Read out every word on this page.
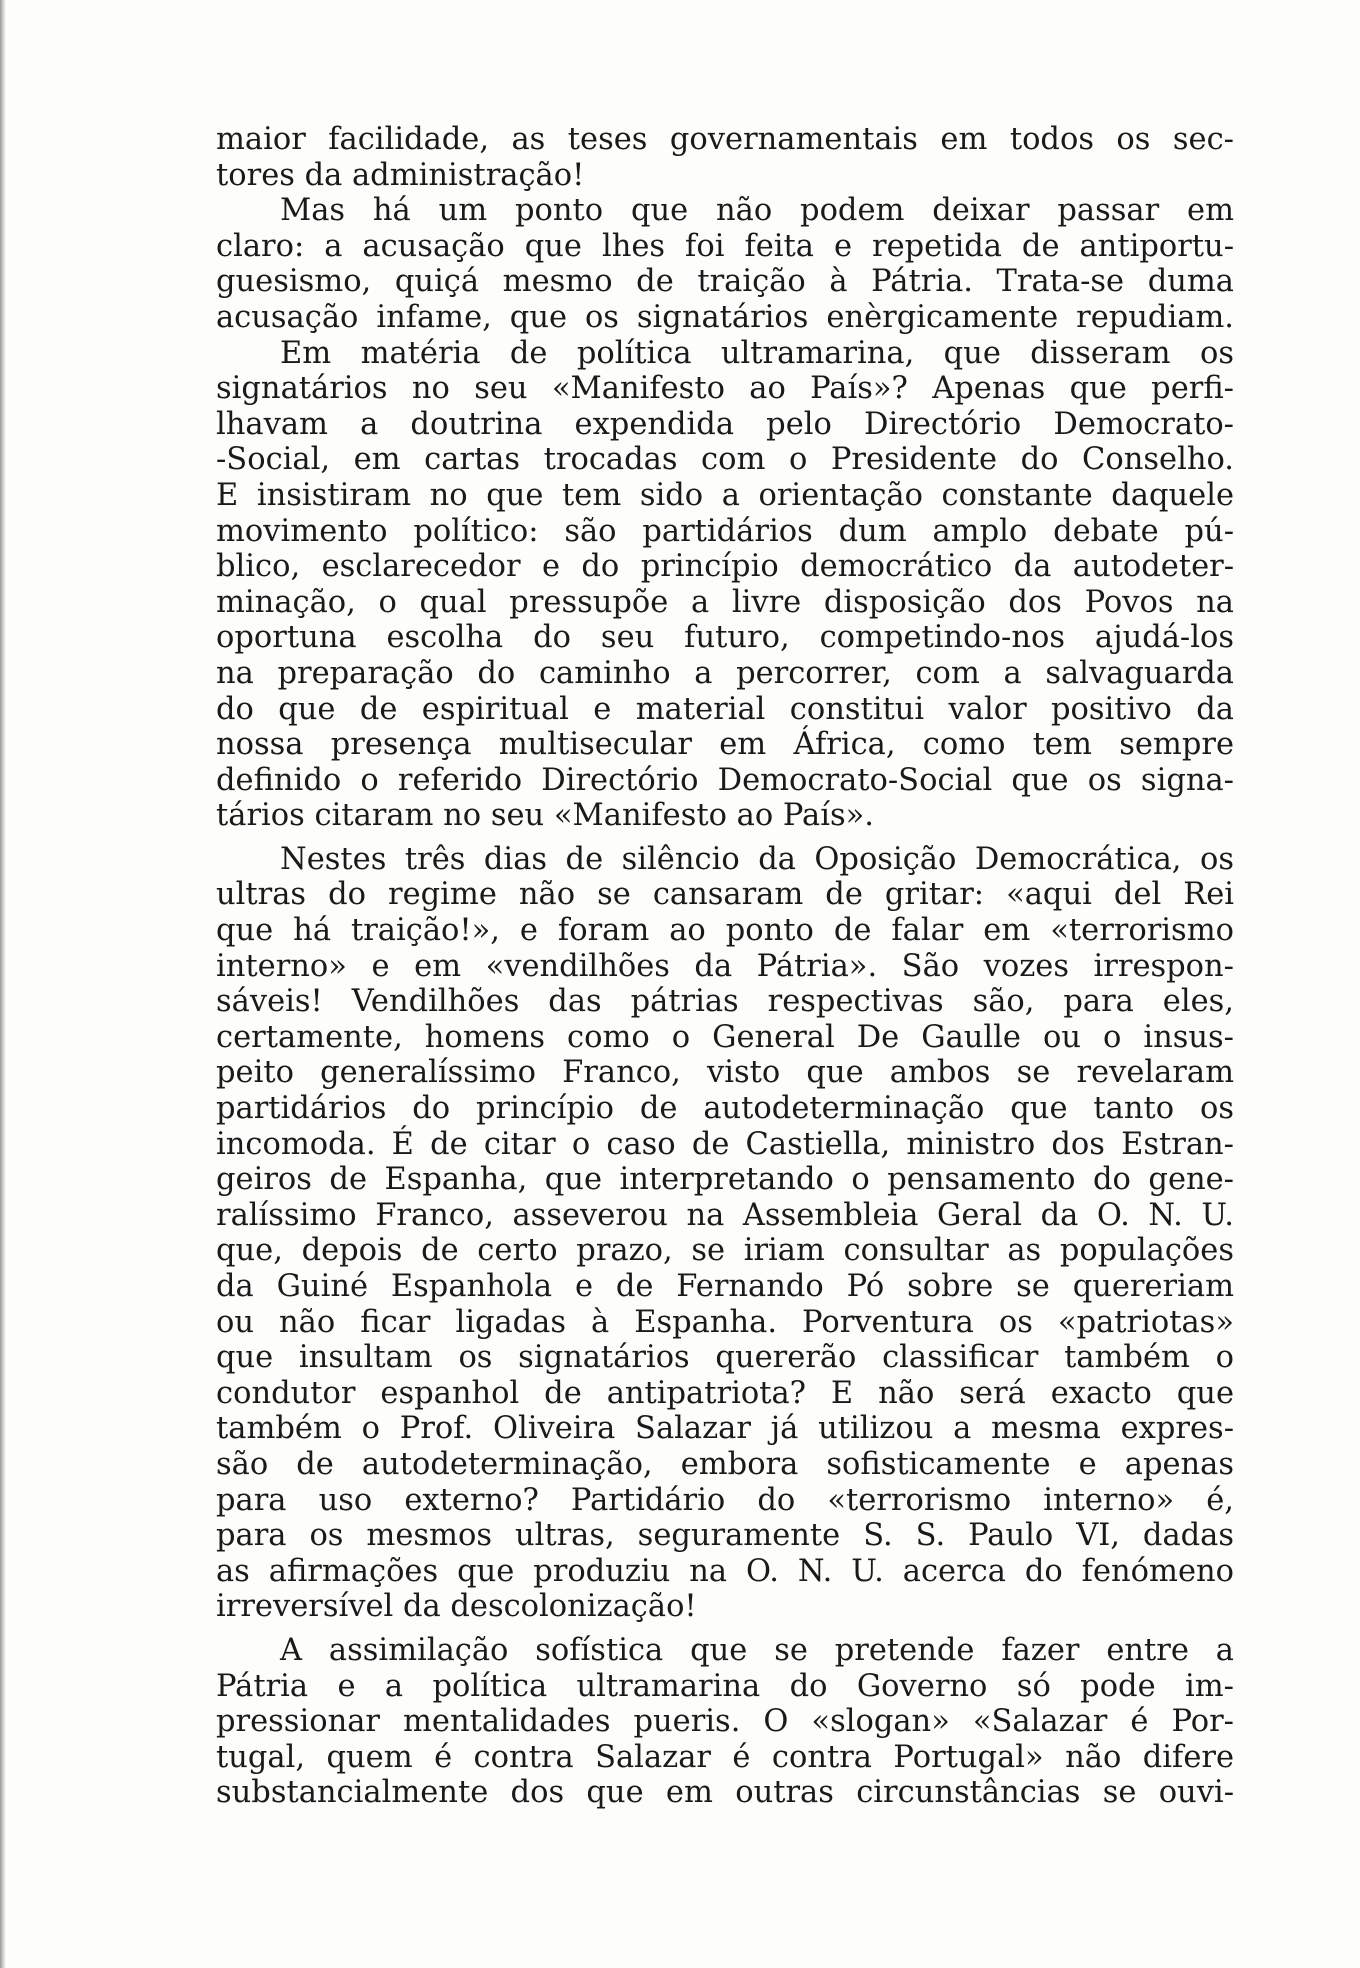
maior facilidade, as teses governamentais em todos os sec-
tores da administração!
Mas há um ponto que não podem deixar passar em
claro: a acusação que lhes foi feita e repetida de antiportu-
guesismo, quiçá mesmo de traição à Pátria. Trata-se duma
acusação infame, que os signatários enèrgicamente repudiam.
Em matéria de política ultramarina, que disseram os
signatários no seu «Manifesto ao País»? Apenas que perfi-
lhavam a doutrina expendida pelo Directório Democrato-
-Social, em cartas trocadas com o Presidente do Conselho.
E insistiram no que tem sido a orientação constante daquele
movimento político: são partidários dum amplo debate pú-
blico, esclarecedor e do princípio democrático da autodeter-
minação, o qual pressupõe a livre disposição dos Povos na
oportuna escolha do seu futuro, competindo-nos ajudá-los
na preparação do caminho a percorrer, com a salvaguarda
do que de espiritual e material constitui valor positivo da
nossa presença multisecular em África, como tem sempre
definido o referido Directório Democrato-Social que os signa-
tários citaram no seu «Manifesto ao País».
Nestes três dias de silêncio da Oposição Democrática, os
ultras do regime não se cansaram de gritar: «aqui del Rei
que há traição!», e foram ao ponto de falar em «terrorismo
interno» e em «vendilhões da Pátria». São vozes irrespon-
sáveis! Vendilhões das pátrias respectivas são, para eles,
certamente, homens como o General De Gaulle ou o insus-
peito generalíssimo Franco, visto que ambos se revelaram
partidários do princípio de autodeterminação que tanto os
incomoda. É de citar o caso de Castiella, ministro dos Estran-
geiros de Espanha, que interpretando o pensamento do gene-
ralíssimo Franco, asseverou na Assembleia Geral da O. N. U.
que, depois de certo prazo, se iriam consultar as populações
da Guiné Espanhola e de Fernando Pó sobre se quereriam
ou não ficar ligadas à Espanha. Porventura os «patriotas»
que insultam os signatários quererão classificar também o
condutor espanhol de antipatriota? E não será exacto que
também o Prof. Oliveira Salazar já utilizou a mesma expres-
são de autodeterminação, embora sofisticamente e apenas
para uso externo? Partidário do «terrorismo interno» é,
para os mesmos ultras, seguramente S. S. Paulo VI, dadas
as afirmações que produziu na O. N. U. acerca do fenómeno
irreversível da descolonização!
A assimilação sofística que se pretende fazer entre a
Pátria e a política ultramarina do Governo só pode im-
pressionar mentalidades pueris. O «slogan» «Salazar é Por-
tugal, quem é contra Salazar é contra Portugal» não difere
substancialmente dos que em outras circunstâncias se ouvi-
